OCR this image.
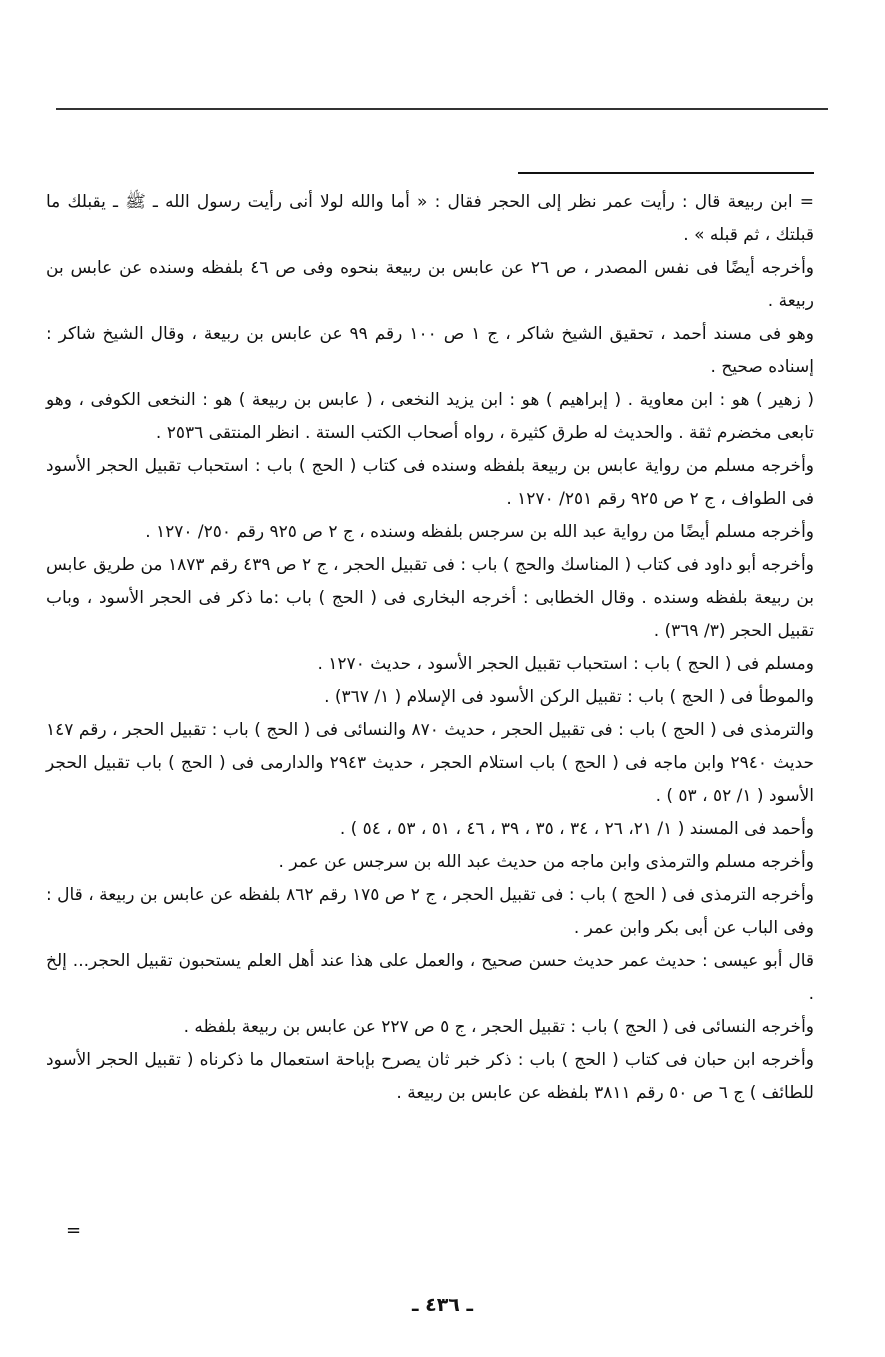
= ابن ربيعة قال : رأيت عمر نظر إلى الحجر فقال : « أما والله لولا أنى رأيت رسول الله ـ ﷺ ـ يقبلك ما قبلتك ، ثم قبله » .

وأخرجه أيضًا فى نفس المصدر ، ص ٢٦ عن عابس بن ربيعة بنحوه وفى ص ٤٦ بلفظه وسنده عن عابس بن ربيعة .

وهو فى مسند أحمد ، تحقيق الشيخ شاكر ، ج ١ ص ١٠٠ رقم ٩٩ عن عابس بن ربيعة ، وقال الشيخ شاكر : إسناده صحيح .

( زهير ) هو : ابن معاوية . ( إبراهيم ) هو : ابن يزيد النخعى ، ( عابس بن ربيعة ) هو : النخعى الكوفى ، وهو تابعى مخضرم ثقة . والحديث له طرق كثيرة ، رواه أصحاب الكتب الستة . انظر المنتقى ٢٥٣٦ .

وأخرجه مسلم من رواية عابس بن ربيعة بلفظه وسنده فى كتاب ( الحج ) باب : استحباب تقبيل الحجر الأسود فى الطواف ، ج ٢ ص ٩٢٥ رقم ٢٥١/ ١٢٧٠ .

وأخرجه مسلم أيضًا من رواية عبد الله بن سرجس بلفظه وسنده ، ج ٢ ص ٩٢٥ رقم ٢٥٠/ ١٢٧٠ .

وأخرجه أبو داود فى كتاب ( المناسك والحج ) باب : فى تقبيل الحجر ، ج ٢ ص ٤٣٩ رقم ١٨٧٣ من طريق عابس بن ربيعة بلفظه وسنده . وقال الخطابى : أخرجه البخارى فى ( الحج ) باب :ما ذكر فى الحجر الأسود ، وباب تقبيل الحجر (٣/ ٣٦٩) .

ومسلم فى ( الحج ) باب : استحباب تقبيل الحجر الأسود ، حديث ١٢٧٠ .

والموطأ فى ( الحج ) باب : تقبيل الركن الأسود فى الإسلام ( ١/ ٣٦٧) .

والترمذى فى ( الحج ) باب : فى تقبيل الحجر ، حديث ٨٧٠ والنسائى فى ( الحج ) باب : تقبيل الحجر ، رقم ١٤٧ حديث ٢٩٤٠ وابن ماجه فى ( الحج ) باب استلام الحجر ، حديث ٢٩٤٣ والدارمى فى ( الحج ) باب تقبيل الحجر الأسود ( ١/ ٥٢ ، ٥٣ ) .

وأحمد فى المسند ( ١/ ٢١، ٢٦ ، ٣٤ ، ٣٥ ، ٣٩ ، ٤٦ ، ٥١ ، ٥٣ ، ٥٤ ) .

وأخرجه مسلم والترمذى وابن ماجه من حديث عبد الله بن سرجس عن عمر .

وأخرجه الترمذى فى ( الحج ) باب : فى تقبيل الحجر ، ج ٢ ص ١٧٥ رقم ٨٦٢ بلفظه عن عابس بن ربيعة ، قال : وفى الباب عن أبى بكر وابن عمر .

قال أبو عيسى : حديث عمر حديث حسن صحيح ، والعمل على هذا عند أهل العلم يستحبون تقبيل الحجر... إلخ .

وأخرجه النسائى فى ( الحج ) باب : تقبيل الحجر ، ج ٥ ص ٢٢٧ عن عابس بن ربيعة بلفظه .

وأخرجه ابن حبان فى كتاب ( الحج ) باب : ذكر خبر ثان يصرح بإباحة استعمال ما ذكرناه ( تقبيل الحجر الأسود للطائف ) ج ٦ ص ٥٠ رقم ٣٨١١ بلفظه عن عابس بن ربيعة .

=
ـ ٤٣٦ ـ
